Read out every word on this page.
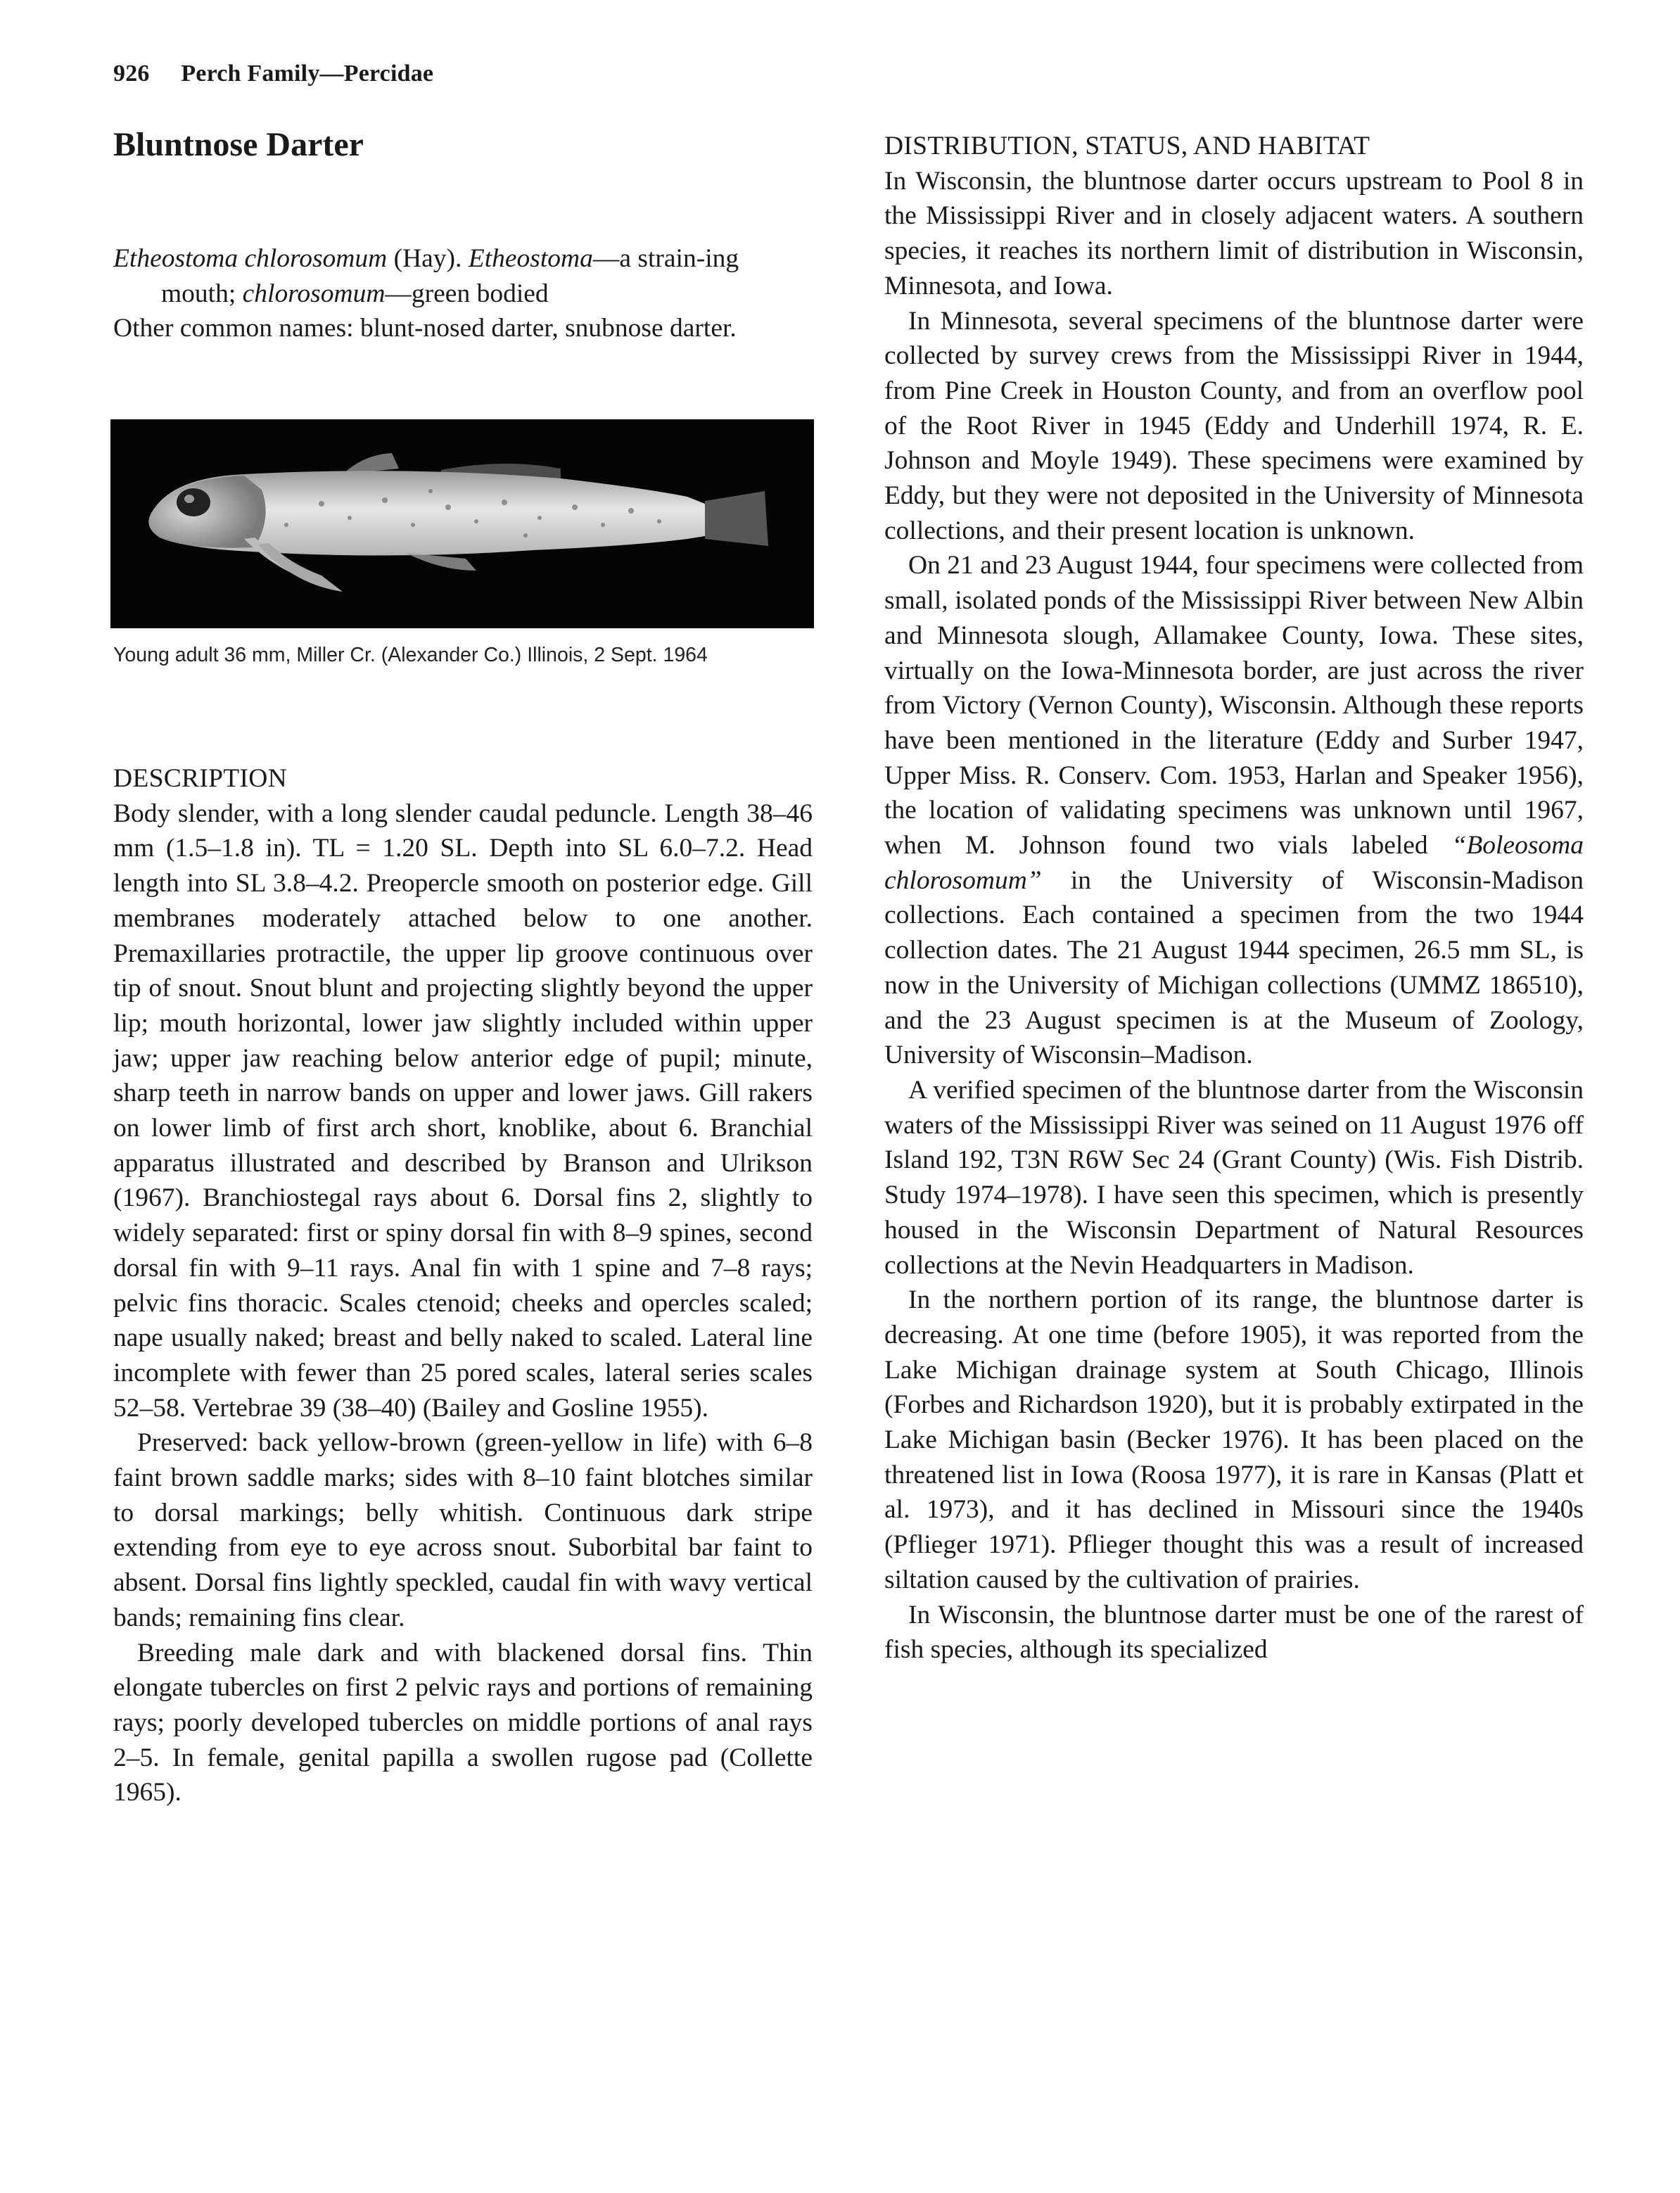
926 Perch Family—Percidae
Bluntnose Darter

Etheostoma chlorosomum (Hay). Etheostoma—a strain-ing mouth; chlorosomum—green bodied

Other common names: blunt-nosed darter, snubnose darter.

Young adult 36 mm, Miller Cr. (Alexander Co.) Illinois, 2 Sept. 1964

DESCRIPTION

Body slender, with a long slender caudal peduncle. Length 38–46 mm (1.5–1.8 in). TL = 1.20 SL. Depth into SL 6.0–7.2. Head length into SL 3.8–4.2. Preopercle smooth on posterior edge. Gill membranes moderately attached below to one another. Premaxillaries protractile, the upper lip groove continuous over tip of snout. Snout blunt and projecting slightly beyond the upper lip; mouth horizontal, lower jaw slightly included within upper jaw; upper jaw reaching below anterior edge of pupil; minute, sharp teeth in narrow bands on upper and lower jaws. Gill rakers on lower limb of first arch short, knoblike, about 6. Branchial apparatus illustrated and described by Branson and Ulrikson (1967). Branchiostegal rays about 6. Dorsal fins 2, slightly to widely separated: first or spiny dorsal fin with 8–9 spines, second dorsal fin with 9–11 rays. Anal fin with 1 spine and 7–8 rays; pelvic fins thoracic. Scales ctenoid; cheeks and opercles scaled; nape usually naked; breast and belly naked to scaled. Lateral line incomplete with fewer than 25 pored scales, lateral series scales 52–58. Vertebrae 39 (38–40) (Bailey and Gosline 1955).

Preserved: back yellow-brown (green-yellow in life) with 6–8 faint brown saddle marks; sides with 8–10 faint blotches similar to dorsal markings; belly whitish. Continuous dark stripe extending from eye to eye across snout. Suborbital bar faint to absent. Dorsal fins lightly speckled, caudal fin with wavy vertical bands; remaining fins clear.

Breeding male dark and with blackened dorsal fins. Thin elongate tubercles on first 2 pelvic rays and portions of remaining rays; poorly developed tubercles on middle portions of anal rays 2–5. In female, genital papilla a swollen rugose pad (Collette 1965).

DISTRIBUTION, STATUS, AND HABITAT

In Wisconsin, the bluntnose darter occurs upstream to Pool 8 in the Mississippi River and in closely adjacent waters. A southern species, it reaches its northern limit of distribution in Wisconsin, Minnesota, and Iowa.

In Minnesota, several specimens of the bluntnose darter were collected by survey crews from the Mississippi River in 1944, from Pine Creek in Houston County, and from an overflow pool of the Root River in 1945 (Eddy and Underhill 1974, R. E. Johnson and Moyle 1949). These specimens were examined by Eddy, but they were not deposited in the University of Minnesota collections, and their present location is unknown.

On 21 and 23 August 1944, four specimens were collected from small, isolated ponds of the Mississippi River between New Albin and Minnesota slough, Allamakee County, Iowa. These sites, virtually on the Iowa-Minnesota border, are just across the river from Victory (Vernon County), Wisconsin. Although these reports have been mentioned in the literature (Eddy and Surber 1947, Upper Miss. R. Conserv. Com. 1953, Harlan and Speaker 1956), the location of validating specimens was unknown until 1967, when M. Johnson found two vials labeled “Boleosoma chlorosomum” in the University of Wisconsin-Madison collections. Each contained a specimen from the two 1944 collection dates. The 21 August 1944 specimen, 26.5 mm SL, is now in the University of Michigan collections (UMMZ 186510), and the 23 August specimen is at the Museum of Zoology, University of Wisconsin–Madison.

A verified specimen of the bluntnose darter from the Wisconsin waters of the Mississippi River was seined on 11 August 1976 off Island 192, T3N R6W Sec 24 (Grant County) (Wis. Fish Distrib. Study 1974–1978). I have seen this specimen, which is presently housed in the Wisconsin Department of Natural Resources collections at the Nevin Headquarters in Madison.

In the northern portion of its range, the bluntnose darter is decreasing. At one time (before 1905), it was reported from the Lake Michigan drainage system at South Chicago, Illinois (Forbes and Richardson 1920), but it is probably extirpated in the Lake Michigan basin (Becker 1976). It has been placed on the threatened list in Iowa (Roosa 1977), it is rare in Kansas (Platt et al. 1973), and it has declined in Missouri since the 1940s (Pflieger 1971). Pflieger thought this was a result of increased siltation caused by the cultivation of prairies.

In Wisconsin, the bluntnose darter must be one of the rarest of fish species, although its specialized
